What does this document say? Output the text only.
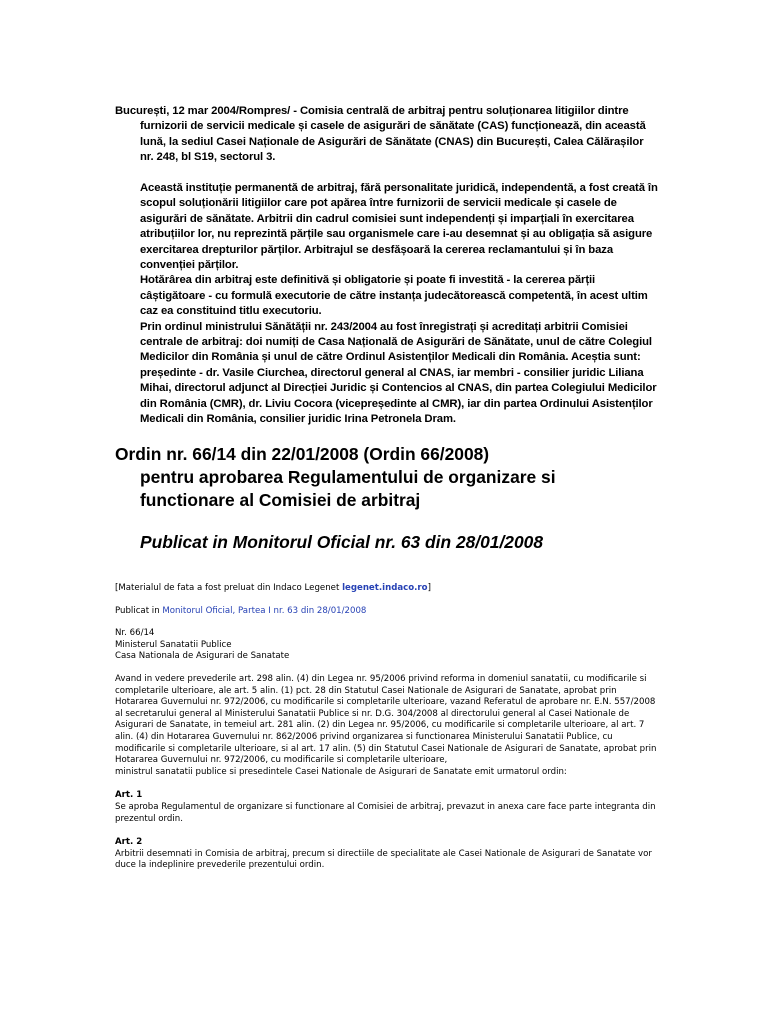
București, 12 mar 2004/Rompres/ - Comisia centrală de arbitraj pentru soluționarea litigiilor dintre furnizorii de servicii medicale și casele de asigurări de sănătate (CAS) funcționează, din această lună, la sediul Casei Naționale de Asigurări de Sănătate (CNAS) din București, Calea Călărașilor nr. 248, bl S19, sectorul 3.

Această instituție permanentă de arbitraj, fără personalitate juridică, independentă, a fost creată în scopul soluționării litigiilor care pot apărea între furnizorii de servicii medicale și casele de asigurări de sănătate. Arbitrii din cadrul comisiei sunt independenți și imparțiali în exercitarea atribuțiilor lor, nu reprezintă părțile sau organismele care i-au desemnat și au obligația să asigure exercitarea drepturilor părților. Arbitrajul se desfășoară la cererea reclamantului și în baza convenției părților.

Hotărârea din arbitraj este definitivă și obligatorie și poate fi investită - la cererea părții câștigătoare - cu formulă executorie de către instanța judecătorească competentă, în acest ultim caz ea constituind titlu executoriu.

Prin ordinul ministrului Sănătății nr. 243/2004 au fost înregistrați și acreditați arbitrii Comisiei centrale de arbitraj: doi numiți de Casa Națională de Asigurări de Sănătate, unul de către Colegiul Medicilor din România și unul de către Ordinul Asistenților Medicali din România. Aceștia sunt: președinte - dr. Vasile Ciurchea, directorul general al CNAS, iar membri - consilier juridic Liliana Mihai, directorul adjunct al Direcției Juridic și Contencios al CNAS, din partea Colegiului Medicilor din România (CMR), dr. Liviu Cocora (vicepreședinte al CMR), iar din partea Ordinului Asistenților Medicali din România, consilier juridic Irina Petronela Dram.

Ordin nr. 66/14 din 22/01/2008 (Ordin 66/2008)

pentru aprobarea Regulamentului de organizare si

functionare al Comisiei de arbitraj

Publicat in Monitorul Oficial nr. 63 din 28/01/2008

[Materialul de fata a fost preluat din Indaco Legenet legenet.indaco.ro]

Publicat in Monitorul Oficial, Partea I nr. 63 din 28/01/2008

Nr. 66/14

Ministerul Sanatatii Publice

Casa Nationala de Asigurari de Sanatate

Avand in vedere prevederile art. 298 alin. (4) din Legea nr. 95/2006 privind reforma in domeniul sanatatii, cu modificarile si completarile ulterioare, ale art. 5 alin. (1) pct. 28 din Statutul Casei Nationale de Asigurari de Sanatate, aprobat prin Hotararea Guvernului nr. 972/2006, cu modificarile si completarile ulterioare, vazand Referatul de aprobare nr. E.N. 557/2008 al secretarului general al Ministerului Sanatatii Publice si nr. D.G. 304/2008 al directorului general al Casei Nationale de Asigurari de Sanatate, in temeiul art. 281 alin. (2) din Legea nr. 95/2006, cu modificarile si completarile ulterioare, al art. 7 alin. (4) din Hotararea Guvernului nr. 862/2006 privind organizarea si functionarea Ministerului Sanatatii Publice, cu modificarile si completarile ulterioare, si al art. 17 alin. (5) din Statutul Casei Nationale de Asigurari de Sanatate, aprobat prin Hotararea Guvernului nr. 972/2006, cu modificarile si completarile ulterioare,

ministrul sanatatii publice si presedintele Casei Nationale de Asigurari de Sanatate emit urmatorul ordin:

Art. 1

Se aproba Regulamentul de organizare si functionare al Comisiei de arbitraj, prevazut in anexa care face parte integranta din prezentul ordin.

Art. 2

Arbitrii desemnati in Comisia de arbitraj, precum si directiile de specialitate ale Casei Nationale de Asigurari de Sanatate vor duce la indeplinire prevederile prezentului ordin.
